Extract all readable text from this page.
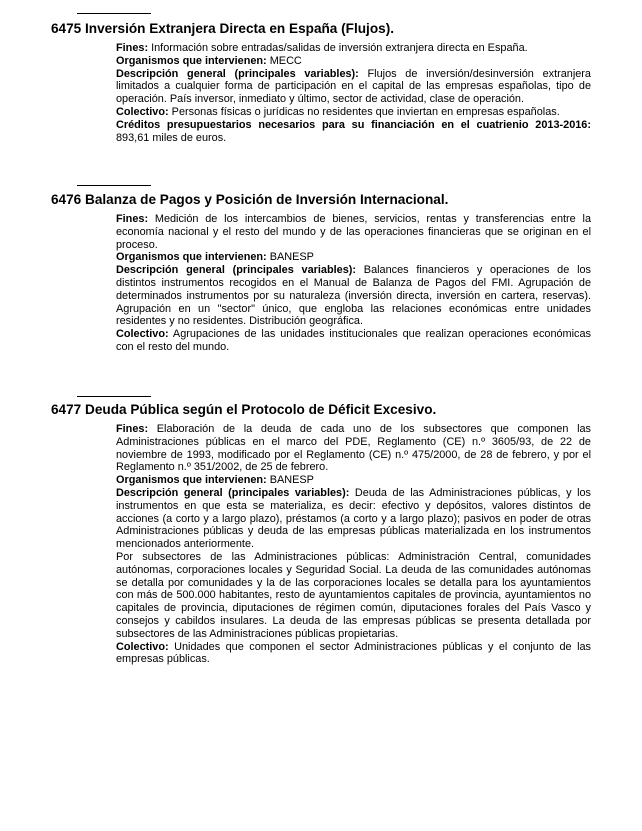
6475 Inversión Extranjera Directa en España (Flujos).

Fines: Información sobre entradas/salidas de inversión extranjera directa en España.

Organismos que intervienen: MECC

Descripción general (principales variables): Flujos de inversión/desinversión extranjera limitados a cualquier forma de participación en el capital de las empresas españolas, tipo de operación. País inversor, inmediato y último, sector de actividad, clase de operación.

Colectivo: Personas físicas o jurídicas no residentes que inviertan en empresas españolas.

Créditos presupuestarios necesarios para su financiación en el cuatrienio 2013-2016: 893,61 miles de euros.

6476 Balanza de Pagos y Posición de Inversión Internacional.

Fines: Medición de los intercambios de bienes, servicios, rentas y transferencias entre la economía nacional y el resto del mundo y de las operaciones financieras que se originan en el proceso.

Organismos que intervienen: BANESP

Descripción general (principales variables): Balances financieros y operaciones de los distintos instrumentos recogidos en el Manual de Balanza de Pagos del FMI. Agrupación de determinados instrumentos por su naturaleza (inversión directa, inversión en cartera, reservas). Agrupación en un "sector" único, que engloba las relaciones económicas entre unidades residentes y no residentes. Distribución geográfica.

Colectivo: Agrupaciones de las unidades institucionales que realizan operaciones económicas con el resto del mundo.

6477 Deuda Pública según el Protocolo de Déficit Excesivo.

Fines: Elaboración de la deuda de cada uno de los subsectores que componen las Administraciones públicas en el marco del PDE, Reglamento (CE) n.º 3605/93, de 22 de noviembre de 1993, modificado por el Reglamento (CE) n.º 475/2000, de 28 de febrero, y por el Reglamento n.º 351/2002, de 25 de febrero.

Organismos que intervienen: BANESP

Descripción general (principales variables): Deuda de las Administraciones públicas, y los instrumentos en que esta se materializa, es decir: efectivo y depósitos, valores distintos de acciones (a corto y a largo plazo), préstamos (a corto y a largo plazo); pasivos en poder de otras Administraciones públicas y deuda de las empresas públicas materializada en los instrumentos mencionados anteriormente.

Por subsectores de las Administraciones públicas: Administración Central, comunidades autónomas, corporaciones locales y Seguridad Social. La deuda de las comunidades autónomas se detalla por comunidades y la de las corporaciones locales se detalla para los ayuntamientos con más de 500.000 habitantes, resto de ayuntamientos capitales de provincia, ayuntamientos no capitales de provincia, diputaciones de régimen común, diputaciones forales del País Vasco y consejos y cabildos insulares. La deuda de las empresas públicas se presenta detallada por subsectores de las Administraciones públicas propietarias.

Colectivo: Unidades que componen el sector Administraciones públicas y el conjunto de las empresas públicas.
